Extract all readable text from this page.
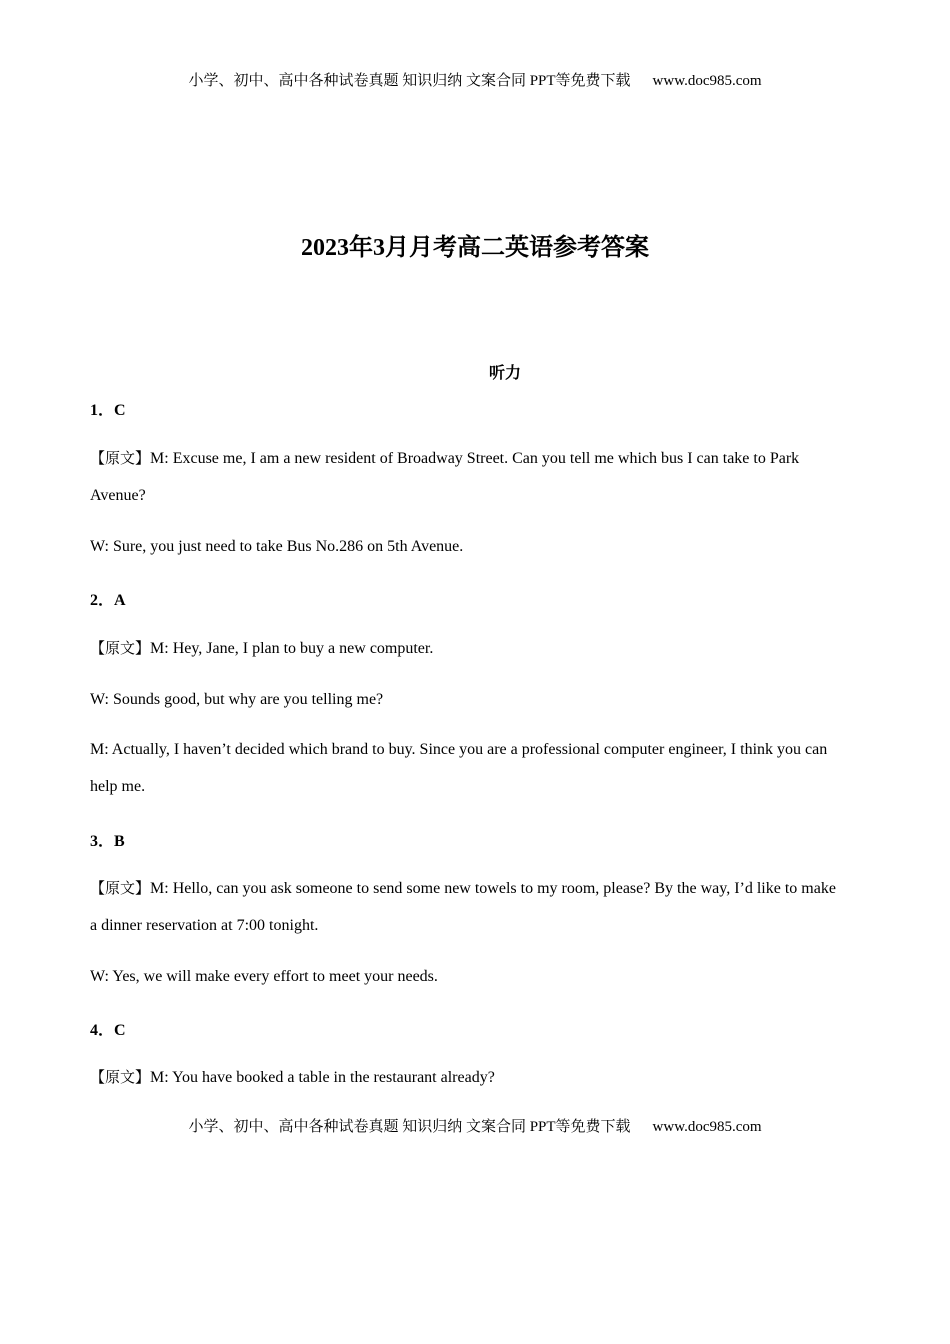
小学、初中、高中各种试卷真题 知识归纳 文案合同 PPT等免费下载 www.doc985.com
2023年3月月考高二英语参考答案
听力
1．C

【原文】M: Excuse me, I am a new resident of Broadway Street. Can you tell me which bus I can take to Park Avenue?

W: Sure, you just need to take Bus No.286 on 5th Avenue.

2．A

【原文】M: Hey, Jane, I plan to buy a new computer.

W: Sounds good, but why are you telling me?

M: Actually, I haven’t decided which brand to buy. Since you are a professional computer engineer, I think you can help me.

3．B

【原文】M: Hello, can you ask someone to send some new towels to my room, please? By the way, I’d like to make a dinner reservation at 7:00 tonight.

W: Yes, we will make every effort to meet your needs.

4．C

【原文】M: You have booked a table in the restaurant already?

小学、初中、高中各种试卷真题 知识归纳 文案合同 PPT等免费下载 www.doc985.com
